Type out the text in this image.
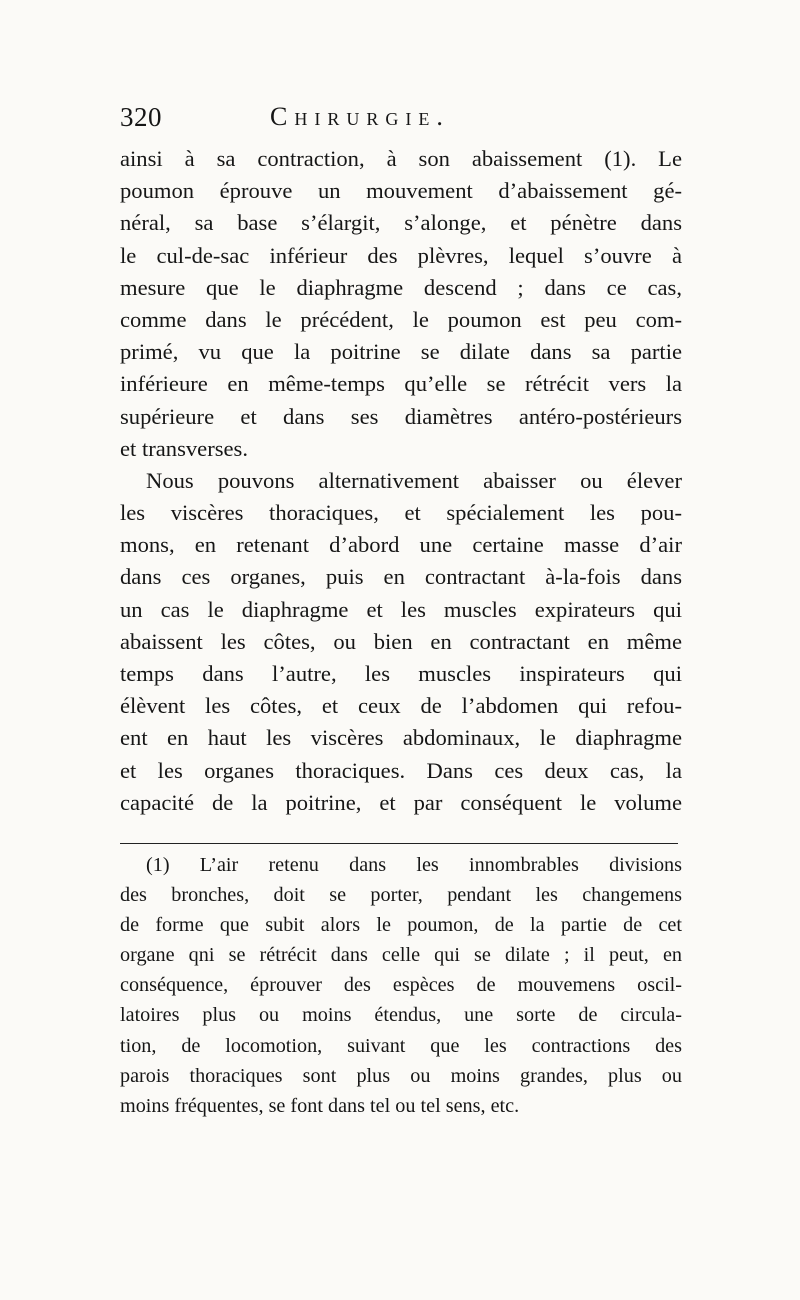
320	Chirurgie.
ainsi à sa contraction, à son abaissement (1). Le
poumon éprouve un mouvement d’abaissement gé-
néral, sa base s’élargit, s’alonge, et pénètre dans
le cul-de-sac inférieur des plèvres, lequel s’ouvre à
mesure que le diaphragme descend ; dans ce cas,
comme dans le précédent, le poumon est peu com-
primé, vu que la poitrine se dilate dans sa partie
inférieure en même-temps qu’elle se rétrécit vers la
supérieure et dans ses diamètres antéro-postérieurs
et transverses.
Nous pouvons alternativement abaisser ou élever
les viscères thoraciques, et spécialement les pou-
mons, en retenant d’abord une certaine masse d’air
dans ces organes, puis en contractant à-la-fois dans
un cas le diaphragme et les muscles expirateurs qui
abaissent les côtes, ou bien en contractant en même
temps dans l’autre, les muscles inspirateurs qui
élèvent les côtes, et ceux de l’abdomen qui refou-
ent en haut les viscères abdominaux, le diaphragme
et les organes thoraciques. Dans ces deux cas, la
capacité de la poitrine, et par conséquent le volume
(1) L’air retenu dans les innombrables divisions
des bronches, doit se porter, pendant les changemens
de forme que subit alors le poumon, de la partie de cet
organe qni se rétrécit dans celle qui se dilate ; il peut, en
conséquence, éprouver des espèces de mouvemens oscil-
latoires plus ou moins étendus, une sorte de circula-
tion, de locomotion, suivant que les contractions des
parois thoraciques sont plus ou moins grandes, plus ou
moins fréquentes, se font dans tel ou tel sens, etc.
